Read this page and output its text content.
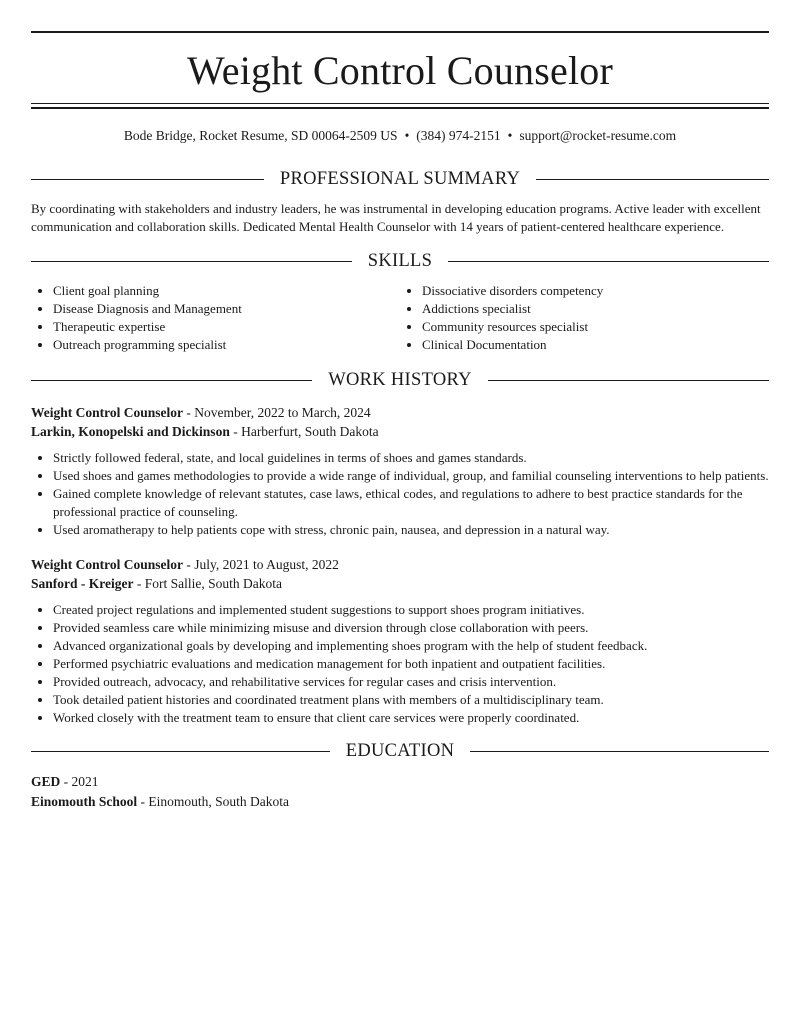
Weight Control Counselor
Bode Bridge, Rocket Resume, SD 00064-2509 US • (384) 974-2151 • support@rocket-resume.com
PROFESSIONAL SUMMARY
By coordinating with stakeholders and industry leaders, he was instrumental in developing education programs. Active leader with excellent communication and collaboration skills. Dedicated Mental Health Counselor with 14 years of patient-centered healthcare experience.
SKILLS
• Client goal planning
• Disease Diagnosis and Management
• Therapeutic expertise
• Outreach programming specialist
• Dissociative disorders competency
• Addictions specialist
• Community resources specialist
• Clinical Documentation
WORK HISTORY
Weight Control Counselor - November, 2022 to March, 2024
Larkin, Konopelski and Dickinson - Harberfurt, South Dakota
• Strictly followed federal, state, and local guidelines in terms of shoes and games standards.
• Used shoes and games methodologies to provide a wide range of individual, group, and familial counseling interventions to help patients.
• Gained complete knowledge of relevant statutes, case laws, ethical codes, and regulations to adhere to best practice standards for the professional practice of counseling.
• Used aromatherapy to help patients cope with stress, chronic pain, nausea, and depression in a natural way.
Weight Control Counselor - July, 2021 to August, 2022
Sanford - Kreiger - Fort Sallie, South Dakota
• Created project regulations and implemented student suggestions to support shoes program initiatives.
• Provided seamless care while minimizing misuse and diversion through close collaboration with peers.
• Advanced organizational goals by developing and implementing shoes program with the help of student feedback.
• Performed psychiatric evaluations and medication management for both inpatient and outpatient facilities.
• Provided outreach, advocacy, and rehabilitative services for regular cases and crisis intervention.
• Took detailed patient histories and coordinated treatment plans with members of a multidisciplinary team.
• Worked closely with the treatment team to ensure that client care services were properly coordinated.
EDUCATION
GED - 2021
Einomouth School - Einomouth, South Dakota
